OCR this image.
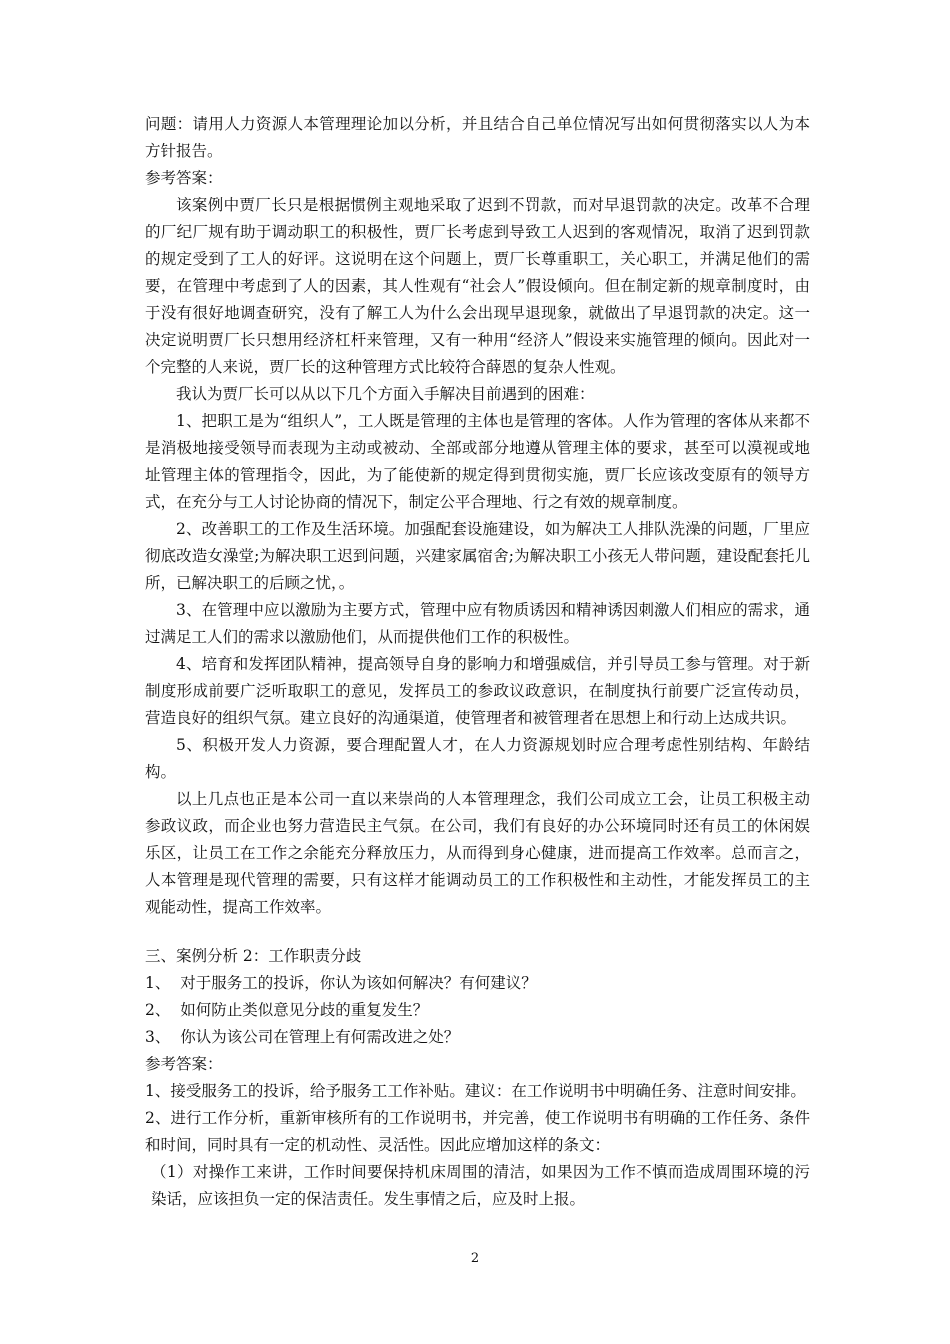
问题：请用人力资源人本管理理论加以分析，并且结合自己单位情况写出如何贯彻落实以人为本方针报告。

参考答案：

该案例中贾厂长只是根据惯例主观地采取了迟到不罚款，而对早退罚款的决定。改革不合理的厂纪厂规有助于调动职工的积极性，贾厂长考虑到导致工人迟到的客观情况，取消了迟到罚款的规定受到了工人的好评。这说明在这个问题上，贾厂长尊重职工，关心职工，并满足他们的需要，在管理中考虑到了人的因素，其人性观有“社会人”假设倾向。但在制定新的规章制度时，由于没有很好地调查研究，没有了解工人为什么会出现早退现象，就做出了早退罚款的决定。这一决定说明贾厂长只想用经济杠杆来管理，又有一种用“经济人”假设来实施管理的倾向。因此对一个完整的人来说，贾厂长的这种管理方式比较符合薛恩的复杂人性观。

我认为贾厂长可以从以下几个方面入手解决目前遇到的困难：

1、把职工是为“组织人”，工人既是管理的主体也是管理的客体。人作为管理的客体从来都不是消极地接受领导而表现为主动或被动、全部或部分地遵从管理主体的要求，甚至可以漠视或地址管理主体的管理指令，因此，为了能使新的规定得到贯彻实施，贾厂长应该改变原有的领导方式，在充分与工人讨论协商的情况下，制定公平合理地、行之有效的规章制度。

2、改善职工的工作及生活环境。加强配套设施建设，如为解决工人排队洗澡的问题，厂里应彻底改造女澡堂;为解决职工迟到问题，兴建家属宿舍;为解决职工小孩无人带问题，建设配套托儿所，已解决职工的后顾之忧，。

3、在管理中应以激励为主要方式，管理中应有物质诱因和精神诱因刺激人们相应的需求，通过满足工人们的需求以激励他们，从而提供他们工作的积极性。

4、培育和发挥团队精神，提高领导自身的影响力和增强威信，并引导员工参与管理。对于新制度形成前要广泛听取职工的意见，发挥员工的参政议政意识，在制度执行前要广泛宣传动员，营造良好的组织气氛。建立良好的沟通渠道，使管理者和被管理者在思想上和行动上达成共识。

5、积极开发人力资源，要合理配置人才，在人力资源规划时应合理考虑性别结构、年龄结构。

以上几点也正是本公司一直以来崇尚的人本管理理念，我们公司成立工会，让员工积极主动参政议政，而企业也努力营造民主气氛。在公司，我们有良好的办公环境同时还有员工的休闲娱乐区，让员工在工作之余能充分释放压力，从而得到身心健康，进而提高工作效率。总而言之，人本管理是现代管理的需要，只有这样才能调动员工的工作积极性和主动性，才能发挥员工的主观能动性，提高工作效率。

三、案例分析 2：工作职责分歧

1、  对于服务工的投诉，你认为该如何解决？有何建议？

2、  如何防止类似意见分歧的重复发生？

3、  你认为该公司在管理上有何需改进之处？

参考答案：

1、接受服务工的投诉，给予服务工工作补贴。建议：在工作说明书中明确任务、注意时间安排。

2、进行工作分析，重新审核所有的工作说明书，并完善，使工作说明书有明确的工作任务、条件和时间，同时具有一定的机动性、灵活性。因此应增加这样的条文：

（1）对操作工来讲，工作时间要保持机床周围的清洁，如果因为工作不慎而造成周围环境的污染话，应该担负一定的保洁责任。发生事情之后，应及时上报。

2
